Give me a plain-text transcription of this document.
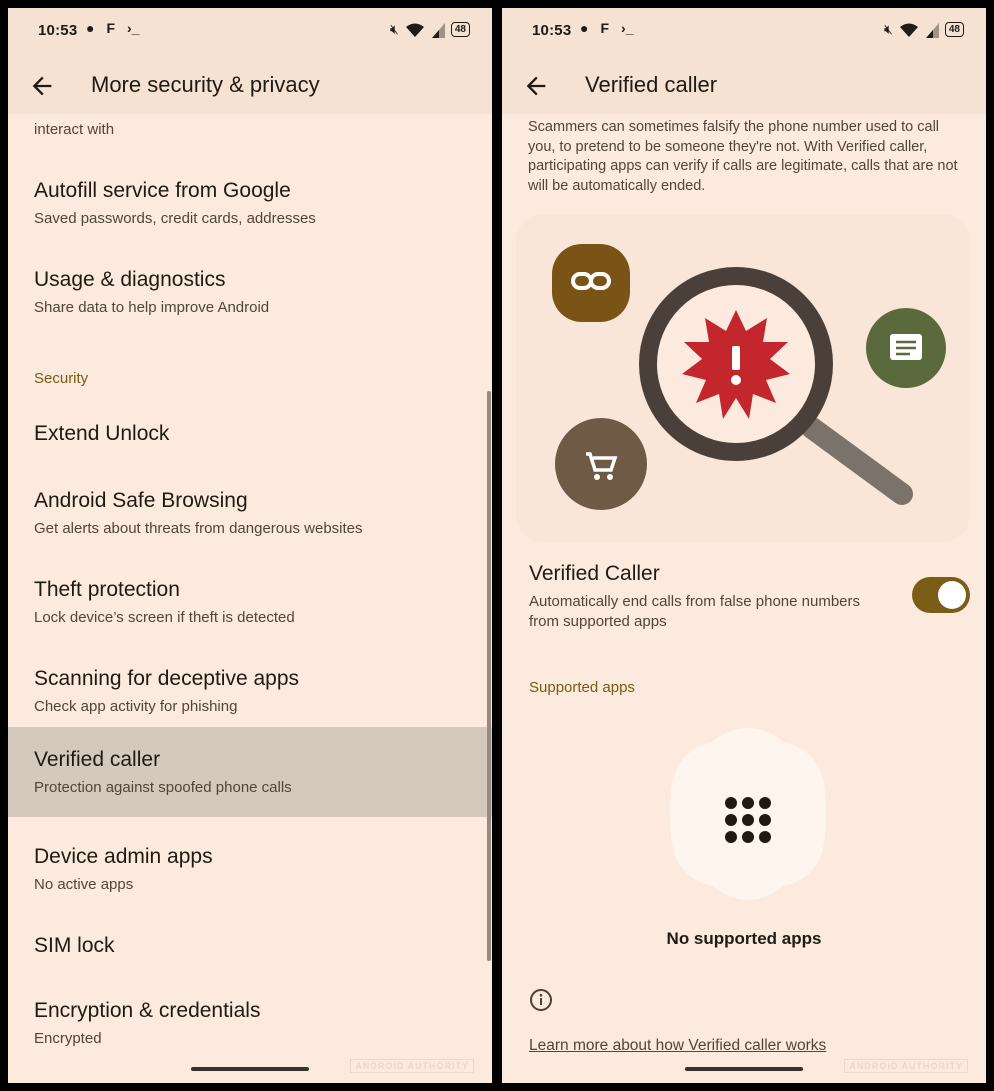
10:53 ● F ›_	🔇︎	48
More security & privacy
interact with
Autofill service from Google
Saved passwords, credit cards, addresses
Usage & diagnostics
Share data to help improve Android
Security
Extend Unlock
Android Safe Browsing
Get alerts about threats from dangerous websites
Theft protection
Lock device’s screen if theft is detected
Scanning for deceptive apps
Check app activity for phishing
Verified caller
Protection against spoofed phone calls
Device admin apps
No active apps
SIM lock
Encryption & credentials
Encrypted
ANDROID AUTHORITY
10:53 ● F ›_	🔇︎	48
Verified caller
Scammers can sometimes falsify the phone number used to call you, to pretend to be someone they're not. With Verified caller, participating apps can verify if calls are legitimate, calls that are not will be automatically ended.
Verified Caller
Automatically end calls from false phone numbers from supported apps
Supported apps
No supported apps
Learn more about how Verified caller works
ANDROID AUTHORITY
